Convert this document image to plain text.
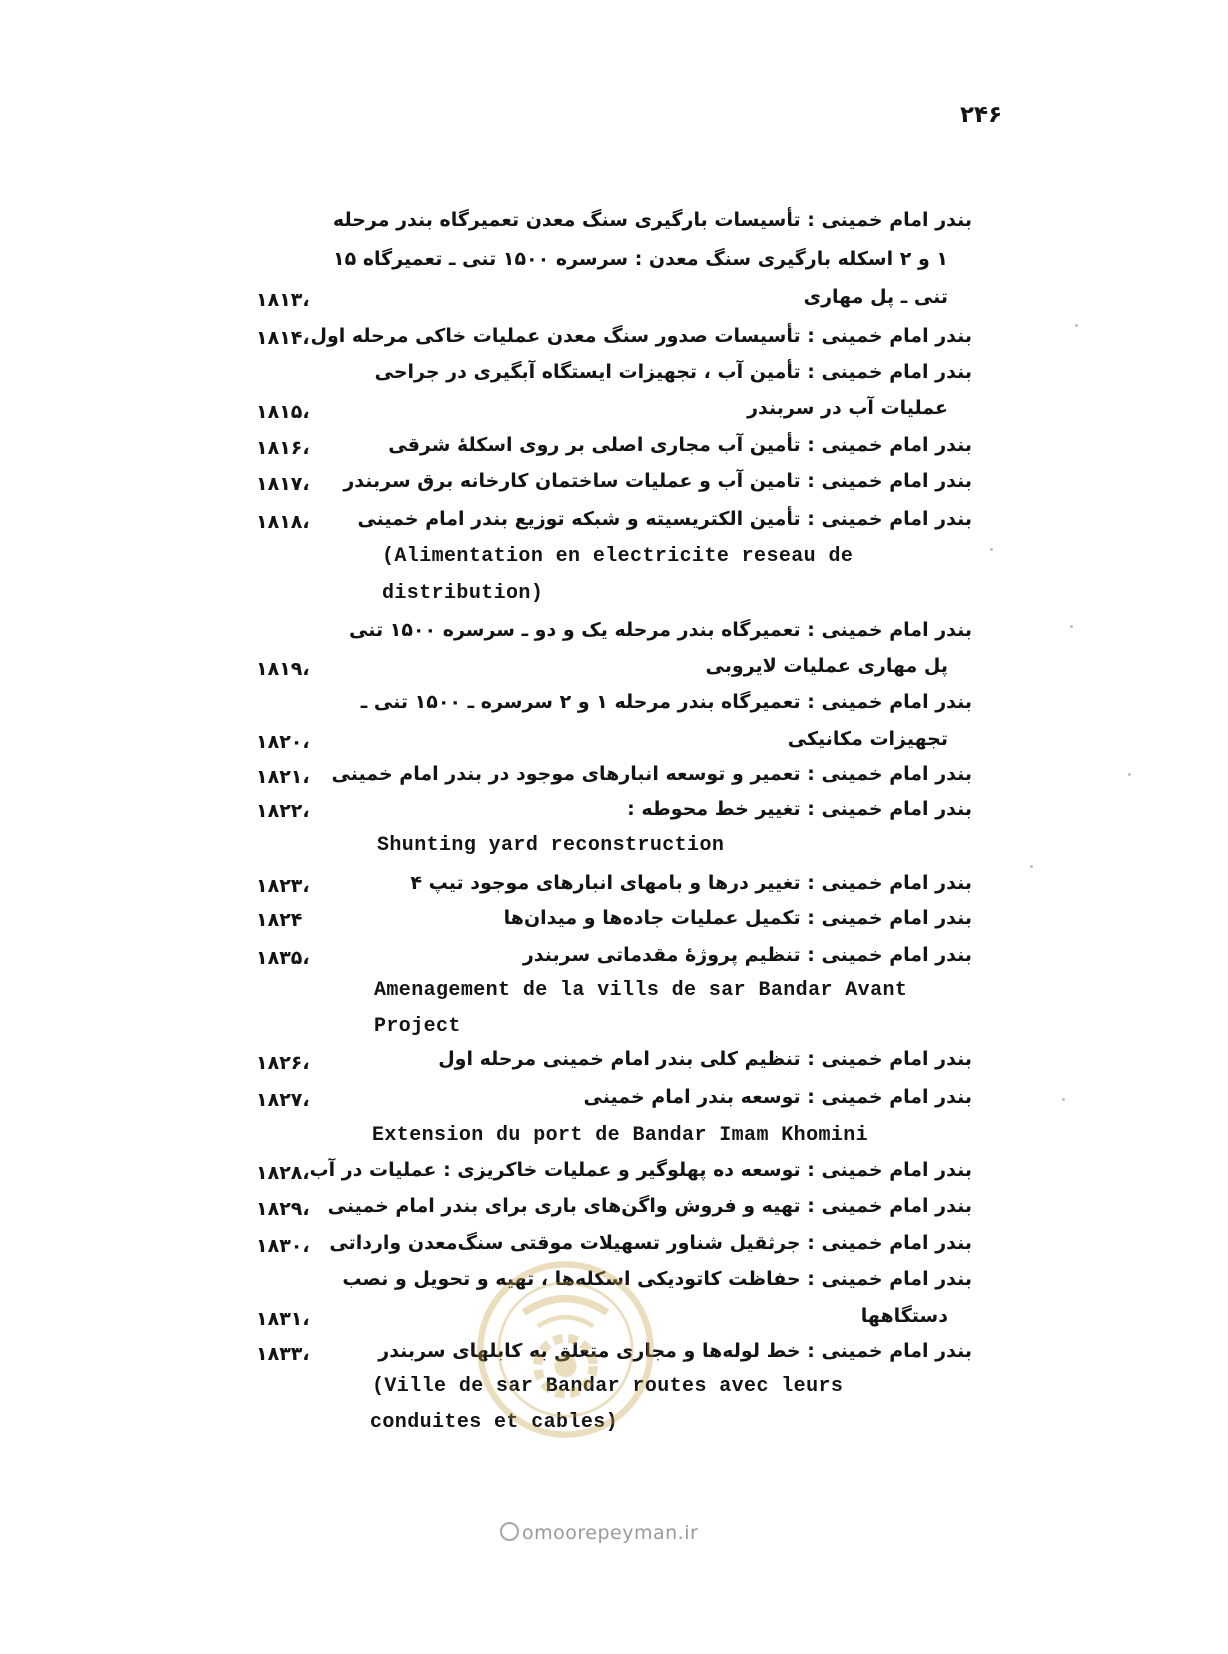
۲۴۶
بندر امام خمینی : تأسیسات بارگیری سنگ معدن تعمیرگاه بندر مرحله
۱ و ۲ اسکله بارگیری سنگ معدن : سرسره ۱۵۰۰ تنی ـ تعمیرگاه ۱۵
تنی ـ پل مهاری
۱۸۱۳،
بندر امام خمینی : تأسیسات صدور سنگ معدن عملیات خاکی مرحله اول
۱۸۱۴،
بندر امام خمینی : تأمین آب ، تجهیزات ایستگاه آبگیری در جراحی
عملیات آب در سربندر
۱۸۱۵،
بندر امام خمینی : تأمین آب مجاری اصلی بر روی اسکلهٔ شرقی
۱۸۱۶،
بندر امام خمینی : تامین آب و عملیات ساختمان کارخانه برق سربندر
۱۸۱۷،
بندر امام خمینی : تأمین الکتریسیته و شبکه توزیع بندر امام خمینی
۱۸۱۸،
(Alimentation en electricite reseau de
distribution)
بندر امام خمینی : تعمیرگاه بندر مرحله یک و دو ـ سرسره ۱۵۰۰ تنی
پل مهاری عملیات لایروبی
۱۸۱۹،
بندر امام خمینی : تعمیرگاه بندر مرحله ۱ و ۲ سرسره ـ ۱۵۰۰ تنی ـ
تجهیزات مکانیکی
۱۸۲۰،
بندر امام خمینی : تعمیر و توسعه انبارهای موجود در بندر امام خمینی
۱۸۲۱،
بندر امام خمینی : تغییر خط محوطه :
۱۸۲۲،
Shunting yard reconstruction
بندر امام خمینی : تغییر درها و بامهای انبارهای موجود تیپ ۴
۱۸۲۳،
بندر امام خمینی : تکمیل عملیات جاده‌ها و میدان‌ها
۱۸۲۴
بندر امام خمینی : تنظیم پروژهٔ مقدماتی سربندر
۱۸۳۵،
Amenagement de la vills de sar Bandar Avant
Project
بندر امام خمینی : تنظیم کلی بندر امام خمینی مرحله اول
۱۸۲۶،
بندر امام خمینی : توسعه بندر امام خمینی
۱۸۲۷،
Extension du port de Bandar Imam Khomini
بندر امام خمینی : توسعه ده پهلوگیر و عملیات خاکریزی : عملیات در آب
۱۸۲۸،
بندر امام خمینی : تهیه و فروش واگن‌های باری برای بندر امام خمینی
۱۸۲۹،
بندر امام خمینی : جرثقیل شناور تسهیلات موقتی سنگ‌معدن وارداتی
۱۸۳۰،
بندر امام خمینی : حفاظت کاتودیکی اسکله‌ها ، تهیه و تحویل و نصب
دستگاهها
۱۸۳۱،
بندر امام خمینی : خط لوله‌ها و مجاری متعلق به کابلهای سربندر
۱۸۳۳،
(Ville de sar Bandar routes avec leurs
conduites et cables)
omoorepeyman.ir
